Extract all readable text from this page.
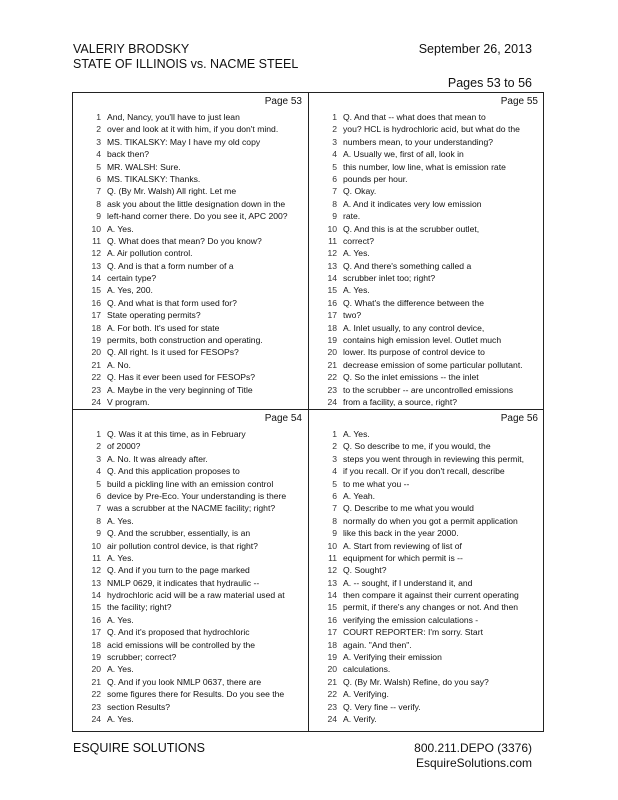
VALERIY BRODSKY
STATE OF ILLINOIS vs. NACME STEEL
September 26, 2013
Pages 53 to 56
Page 53
1 And, Nancy, you'll have to just lean
2 over and look at it with him, if you don't mind.
3 MS. TIKALSKY: May I have my old copy
4 back then?
5 MR. WALSH: Sure.
6 MS. TIKALSKY: Thanks.
7 Q. (By Mr. Walsh) All right. Let me
8 ask you about the little designation down in the
9 left-hand corner there. Do you see it, APC 200?
10 A. Yes.
11 Q. What does that mean? Do you know?
12 A. Air pollution control.
13 Q. And is that a form number of a
14 certain type?
15 A. Yes, 200.
16 Q. And what is that form used for?
17 State operating permits?
18 A. For both. It's used for state
19 permits, both construction and operating.
20 Q. All right. Is it used for FESOPs?
21 A. No.
22 Q. Has it ever been used for FESOPs?
23 A. Maybe in the very beginning of Title
24 V program.
Page 55
1 Q. And that -- what does that mean to
2 you? HCL is hydrochloric acid, but what do the
3 numbers mean, to your understanding?
4 A. Usually we, first of all, look in
5 this number, low line, what is emission rate
6 pounds per hour.
7 Q. Okay.
8 A. And it indicates very low emission
9 rate.
10 Q. And this is at the scrubber outlet,
11 correct?
12 A. Yes.
13 Q. And there's something called a
14 scrubber inlet too; right?
15 A. Yes.
16 Q. What's the difference between the
17 two?
18 A. Inlet usually, to any control device,
19 contains high emission level. Outlet much
20 lower. Its purpose of control device to
21 decrease emission of some particular pollutant.
22 Q. So the inlet emissions -- the inlet
23 to the scrubber -- are uncontrolled emissions
24 from a facility, a source, right?
Page 54
1 Q. Was it at this time, as in February
2 of 2000?
3 A. No. It was already after.
4 Q. And this application proposes to
5 build a pickling line with an emission control
6 device by Pre-Eco. Your understanding is there
7 was a scrubber at the NACME facility; right?
8 A. Yes.
9 Q. And the scrubber, essentially, is an
10 air pollution control device, is that right?
11 A. Yes.
12 Q. And if you turn to the page marked
13 NMLP 0629, it indicates that hydraulic --
14 hydrochloric acid will be a raw material used at
15 the facility; right?
16 A. Yes.
17 Q. And it's proposed that hydrochloric
18 acid emissions will be controlled by the
19 scrubber; correct?
20 A. Yes.
21 Q. And if you look NMLP 0637, there are
22 some figures there for Results. Do you see the
23 section Results?
24 A. Yes.
Page 56
1 A. Yes.
2 Q. So describe to me, if you would, the
3 steps you went through in reviewing this permit,
4 if you recall. Or if you don't recall, describe
5 to me what you --
6 A. Yeah.
7 Q. Describe to me what you would
8 normally do when you got a permit application
9 like this back in the year 2000.
10 A. Start from reviewing of list of
11 equipment for which permit is --
12 Q. Sought?
13 A. -- sought, if I understand it, and
14 then compare it against their current operating
15 permit, if there's any changes or not. And then
16 verifying the emission calculations -
17 COURT REPORTER: I'm sorry. Start
18 again. "And then".
19 A. Verifying their emission
20 calculations.
21 Q. (By Mr. Walsh) Refine, do you say?
22 A. Verifying.
23 Q. Very fine -- verify.
24 A. Verify.
ESQUIRE SOLUTIONS	800.211.DEPO (3376)
EsquireSolutions.com
